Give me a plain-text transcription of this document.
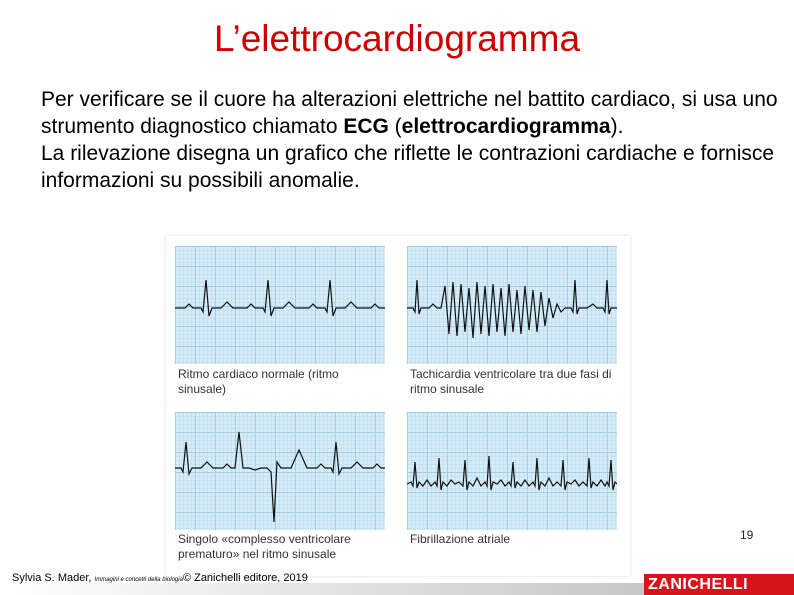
L’elettrocardiogramma
Per verificare se il cuore ha alterazioni elettriche nel battito cardiaco, si usa uno strumento diagnostico chiamato ECG (elettrocardiogramma).
La rilevazione disegna un grafico che riflette le contrazioni cardiache e fornisce informazioni su possibili anomalie.
Ritmo cardiaco normale (ritmo sinusale)
Tachicardia ventricolare tra due fasi di ritmo sinusale
Singolo «complesso ventricolare prematuro» nel ritmo sinusale
Fibrillazione atriale	19
Sylvia S. Mader, Immagini e concetti della biologia© Zanichelli editore, 2019	ZANICHELLI
